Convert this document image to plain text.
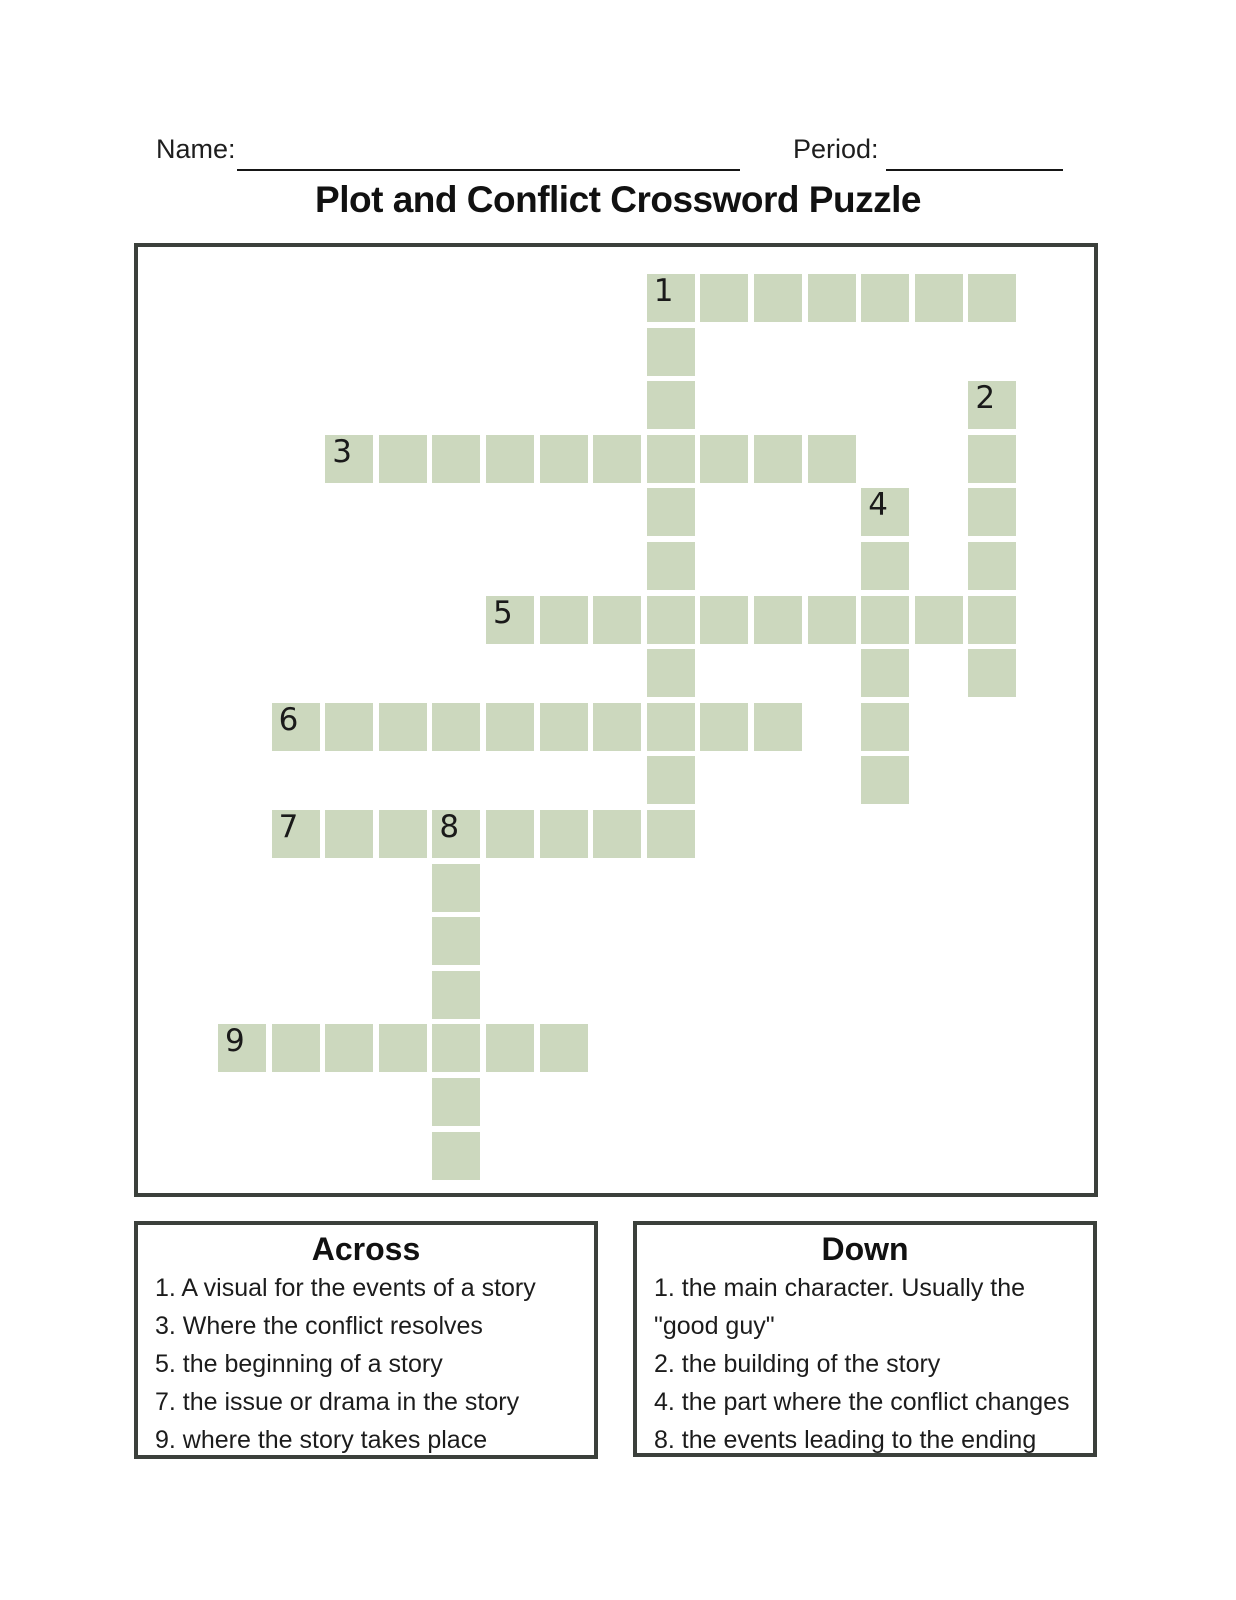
Name:	Period:
Plot and Conflict Crossword Puzzle
1
7	8
9
2
3
4
5
6
Across
1. A visual for the events of a story
3. Where the conflict resolves
5. the beginning of a story
7. the issue or drama in the story
9. where the story takes place
Down
1. the main character. Usually the
"good guy"
2. the building of the story
4. the part where the conflict changes
8. the events leading to the ending
